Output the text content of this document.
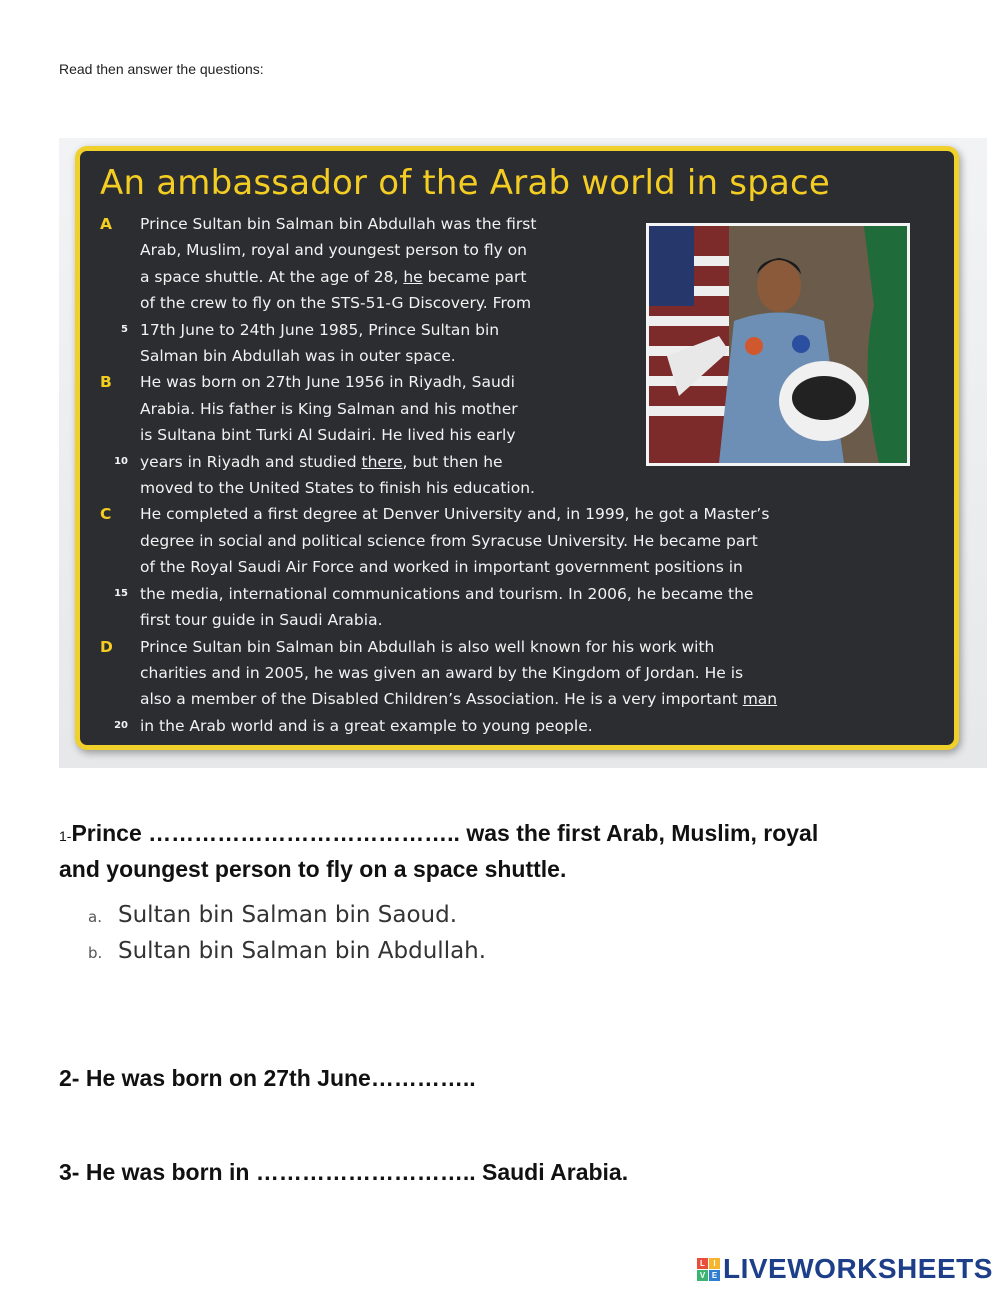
Read then answer the questions:
An ambassador of the Arab world in space
A	Prince Sultan bin Salman bin Abdullah was the first
Arab, Muslim, royal and youngest person to fly on
a space shuttle. At the age of 28, he became part
of the crew to fly on the STS-51-G Discovery. From
5 17th June to 24th June 1985, Prince Sultan bin
Salman bin Abdullah was in outer space.
B	He was born on 27th June 1956 in Riyadh, Saudi
Arabia. His father is King Salman and his mother
is Sultana bint Turki Al Sudairi. He lived his early
10 years in Riyadh and studied there, but then he
moved to the United States to finish his education.
C	He completed a first degree at Denver University and, in 1999, he got a Master’s
degree in social and political science from Syracuse University. He became part
of the Royal Saudi Air Force and worked in important government positions in
15 the media, international communications and tourism. In 2006, he became the
first tour guide in Saudi Arabia.
D	Prince Sultan bin Salman bin Abdullah is also well known for his work with
charities and in 2005, he was given an award by the Kingdom of Jordan. He is
also a member of the Disabled Children’s Association. He is a very important man
20 in the Arab world and is a great example to young people.
1-Prince ………………………………….. was the first Arab, Muslim, royal
and youngest person to fly on a space shuttle.
a. Sultan bin Salman bin Saoud.
b. Sultan bin Salman bin Abdullah.
2- He was born on 27th June…………..
3- He was born in ……………………….. Saudi Arabia.
L	I
V E LIVEWORKSHEETS
